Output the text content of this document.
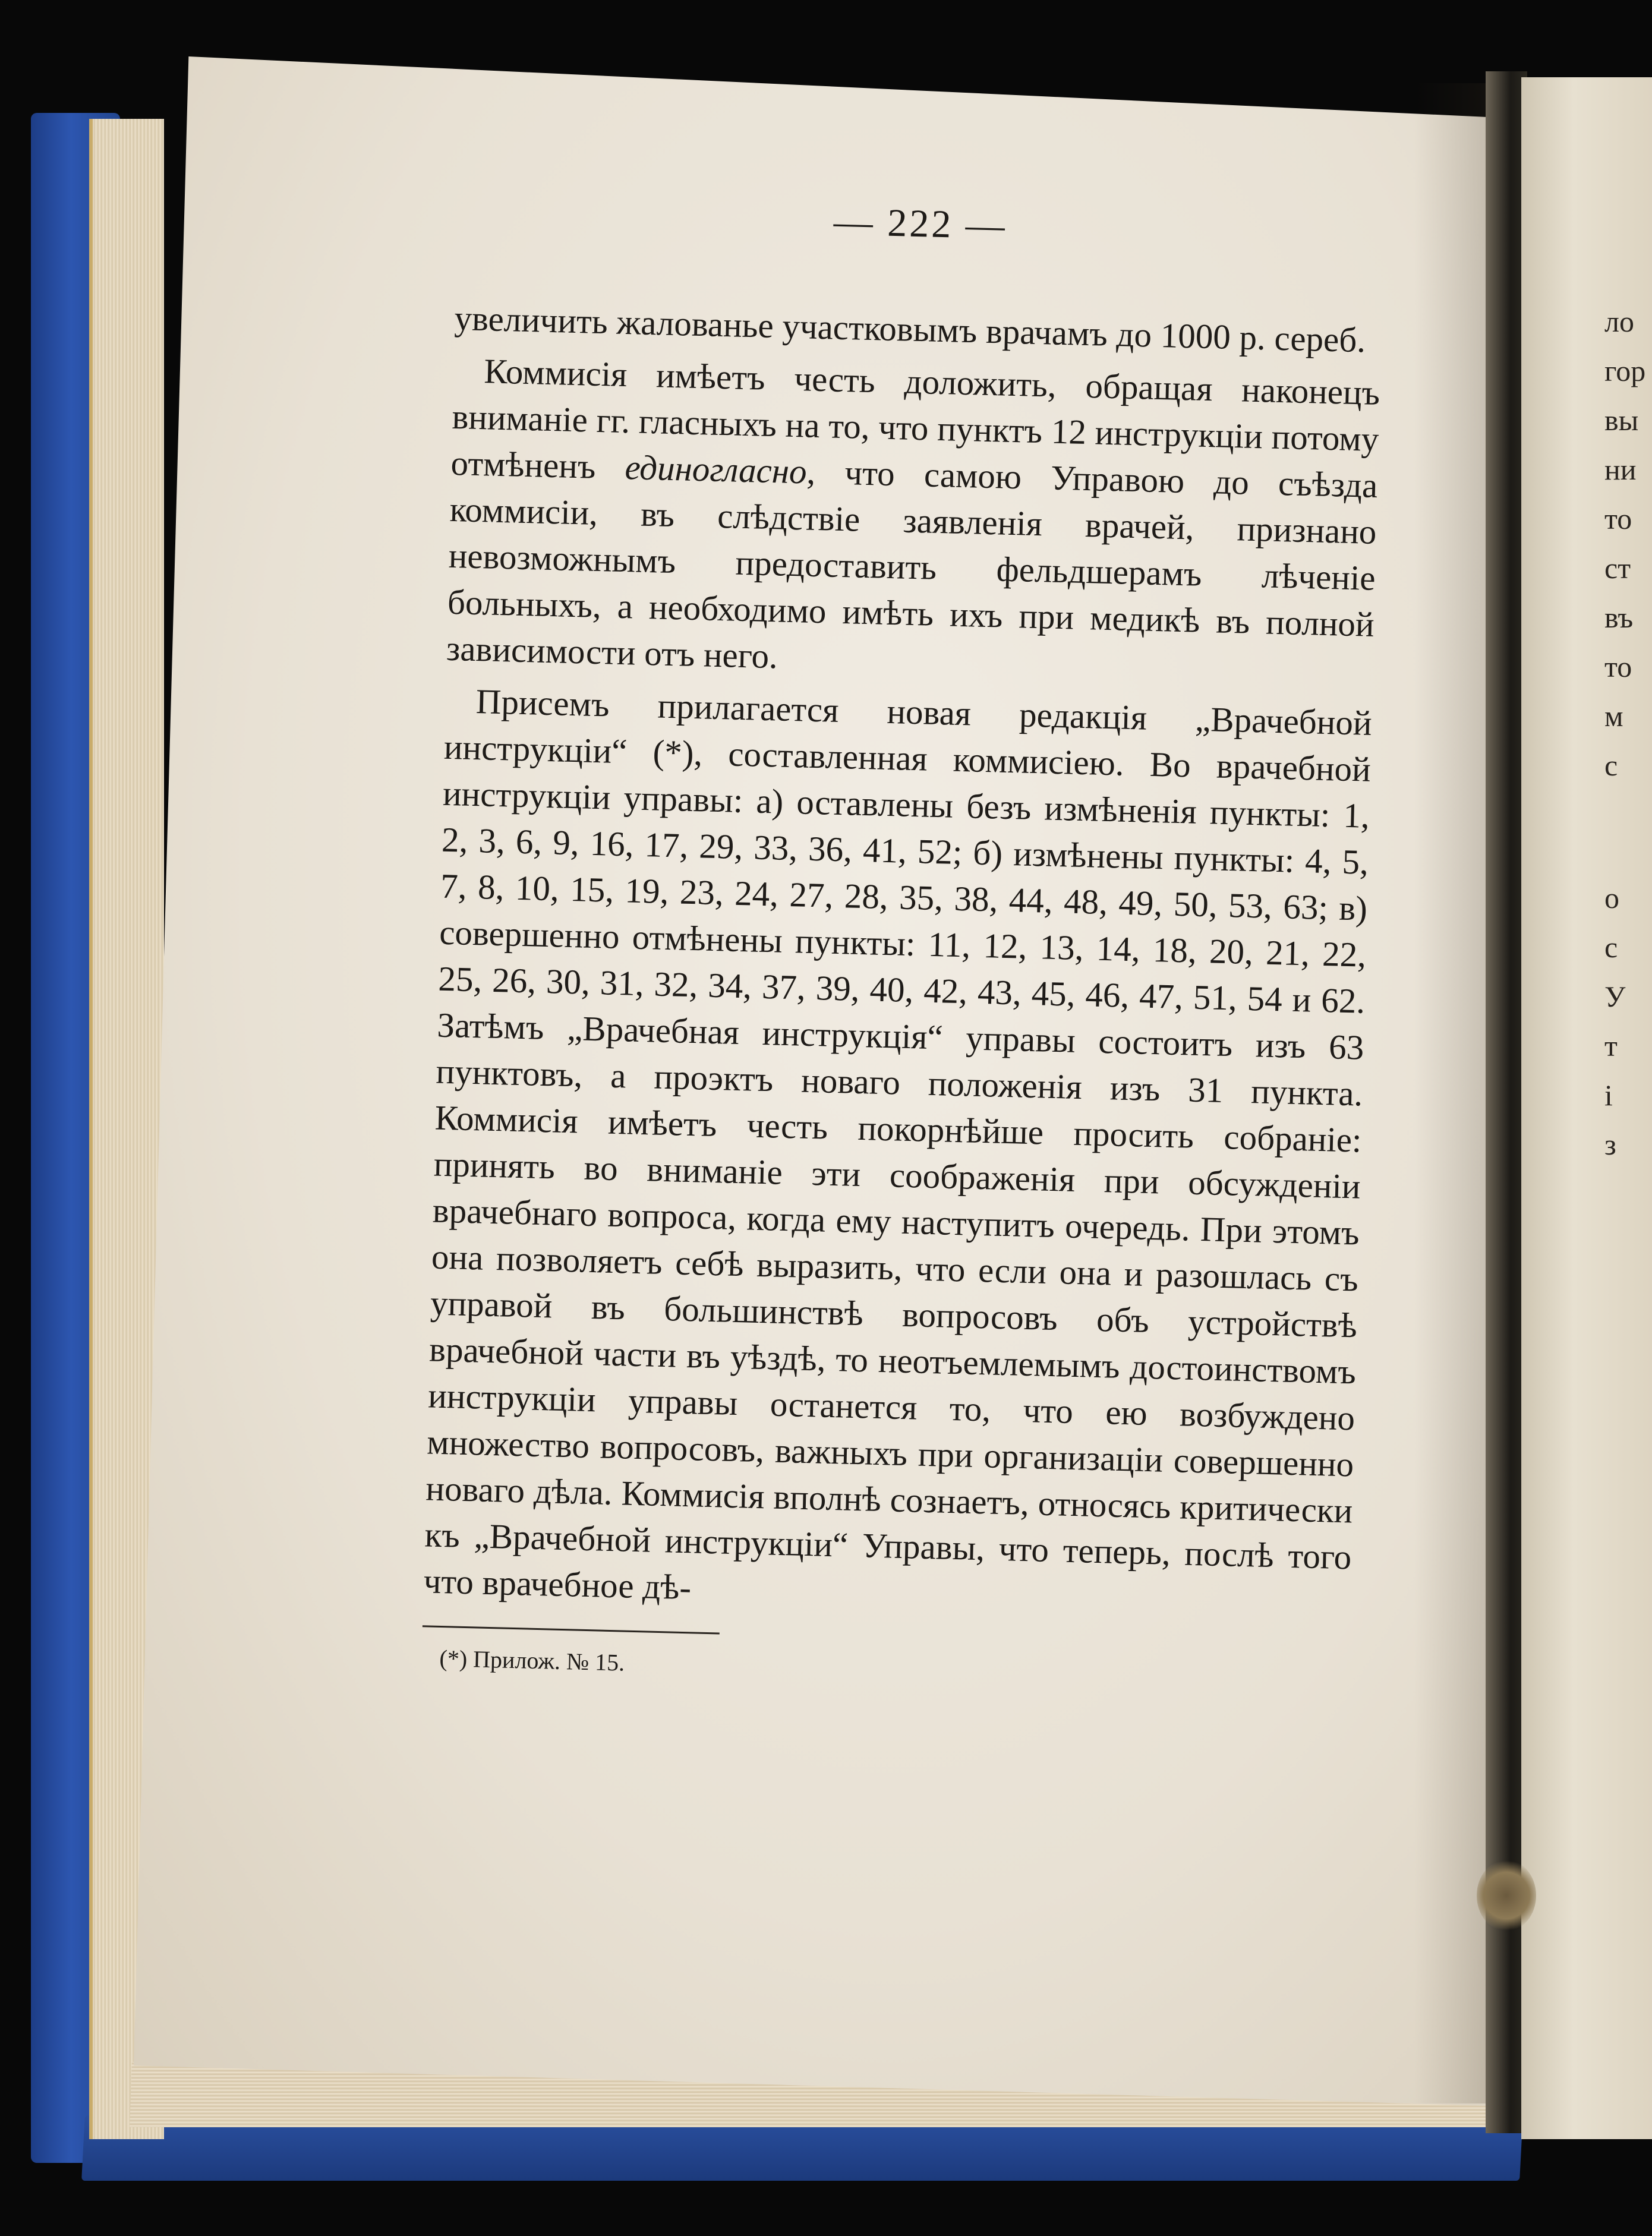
ло
гор
вы
ни
то
ст
въ
то
м
с
о
с
У
т
і
з
— 222 —

увеличить жалованье участковымъ врачамъ до 1000 р. сереб.

Коммисія имѣетъ честь доложить, обращая наконецъ вниманіе гг. гласныхъ на то, что пунктъ 12 инструкціи потому отмѣненъ единогласно, что самою Управою до съѣзда коммисіи, въ слѣдствіе заявленія врачей, признано невозможнымъ предоставить фельдшерамъ лѣченіе больныхъ, а необходимо имѣть ихъ при медикѣ въ полной зависимости отъ него.

Присемъ прилагается новая редакція „Врачебной инструкціи“ (*), составленная коммисіею. Во врачебной инструкціи управы: а) оставлены безъ измѣненія пункты: 1, 2, 3, 6, 9, 16, 17, 29, 33, 36, 41, 52; б) измѣнены пункты: 4, 5, 7, 8, 10, 15, 19, 23, 24, 27, 28, 35, 38, 44, 48, 49, 50, 53, 63; в) совершенно отмѣнены пункты: 11, 12, 13, 14, 18, 20, 21, 22, 25, 26, 30, 31, 32, 34, 37, 39, 40, 42, 43, 45, 46, 47, 51, 54 и 62. Затѣмъ „Врачебная инструкція“ управы состоитъ изъ 63 пунктовъ, а проэктъ новаго положенія изъ 31 пункта. Коммисія имѣетъ честь покорнѣйше просить собраніе: принять во вниманіе эти соображенія при обсужденіи врачебнаго вопроса, когда ему наступитъ очередь. При этомъ она позволяетъ себѣ выразить, что если она и разошлась съ управой въ большинствѣ вопросовъ объ устройствѣ врачебной части въ уѣздѣ, то неотъемлемымъ достоинствомъ инструкціи управы останется то, что ею возбуждено множество вопросовъ, важныхъ при организаціи совершенно новаго дѣла. Коммисія вполнѣ сознаетъ, относясь критически къ „Врачебной инструкціи“ Управы, что теперь, послѣ того что врачебное дѣ-

(*) Прилож. № 15.
